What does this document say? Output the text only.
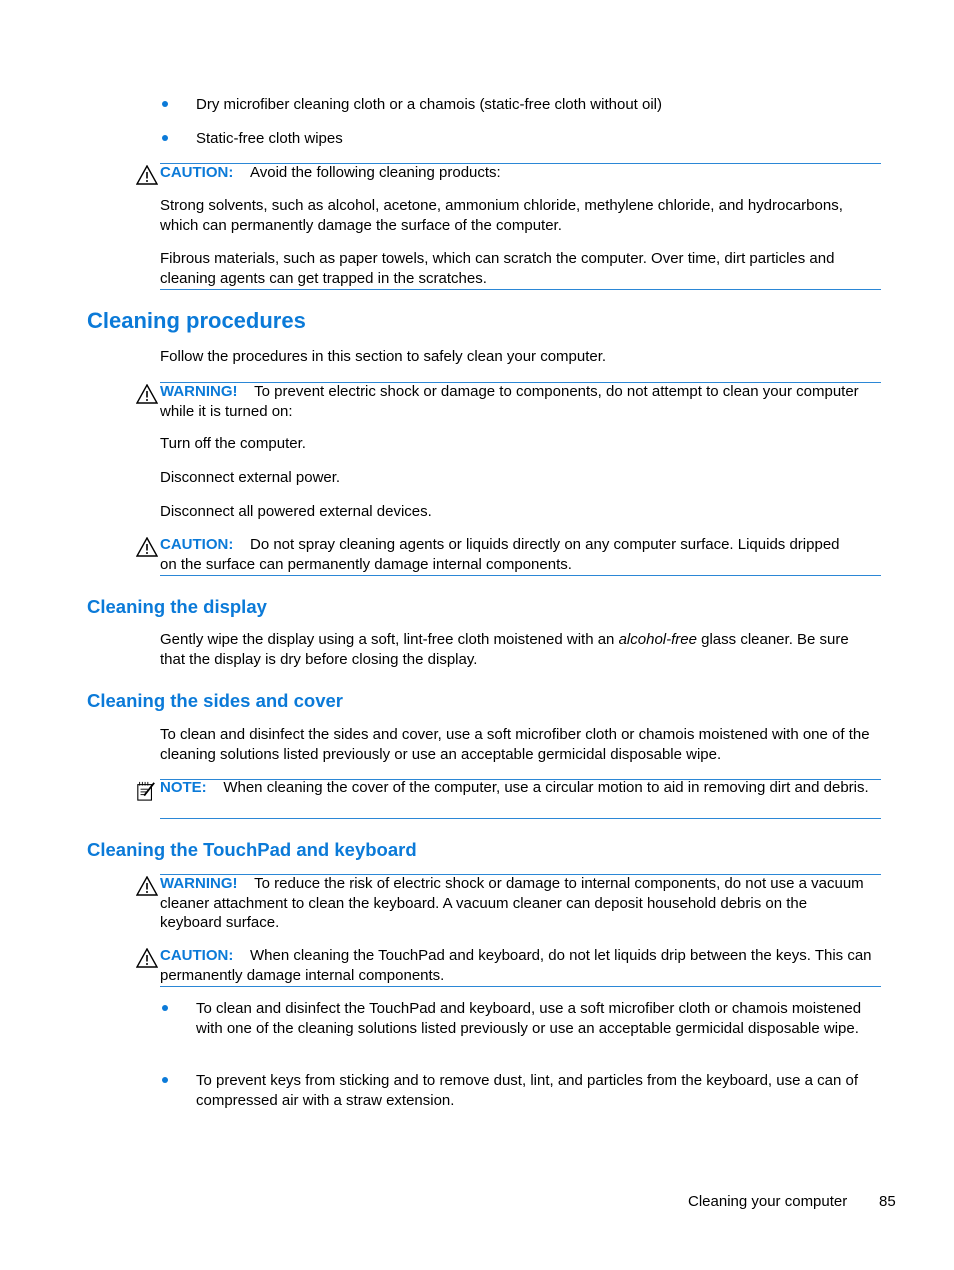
Dry microfiber cleaning cloth or a chamois (static-free cloth without oil)

Static-free cloth wipes

CAUTION: Avoid the following cleaning products:

Strong solvents, such as alcohol, acetone, ammonium chloride, methylene chloride, and hydrocarbons, which can permanently damage the surface of the computer.

Fibrous materials, such as paper towels, which can scratch the computer. Over time, dirt particles and cleaning agents can get trapped in the scratches.

Cleaning procedures

Follow the procedures in this section to safely clean your computer.

WARNING! To prevent electric shock or damage to components, do not attempt to clean your computer while it is turned on:

Turn off the computer.

Disconnect external power.

Disconnect all powered external devices.

CAUTION: Do not spray cleaning agents or liquids directly on any computer surface. Liquids dripped on the surface can permanently damage internal components.

Cleaning the display

Gently wipe the display using a soft, lint-free cloth moistened with an alcohol-free glass cleaner. Be sure that the display is dry before closing the display.

Cleaning the sides and cover

To clean and disinfect the sides and cover, use a soft microfiber cloth or chamois moistened with one of the cleaning solutions listed previously or use an acceptable germicidal disposable wipe.

NOTE: When cleaning the cover of the computer, use a circular motion to aid in removing dirt and debris.

Cleaning the TouchPad and keyboard

WARNING! To reduce the risk of electric shock or damage to internal components, do not use a vacuum cleaner attachment to clean the keyboard. A vacuum cleaner can deposit household debris on the keyboard surface.

CAUTION: When cleaning the TouchPad and keyboard, do not let liquids drip between the keys. This can permanently damage internal components.

To clean and disinfect the TouchPad and keyboard, use a soft microfiber cloth or chamois moistened with one of the cleaning solutions listed previously or use an acceptable germicidal disposable wipe.

To prevent keys from sticking and to remove dust, lint, and particles from the keyboard, use a can of compressed air with a straw extension.

Cleaning your computer 85
